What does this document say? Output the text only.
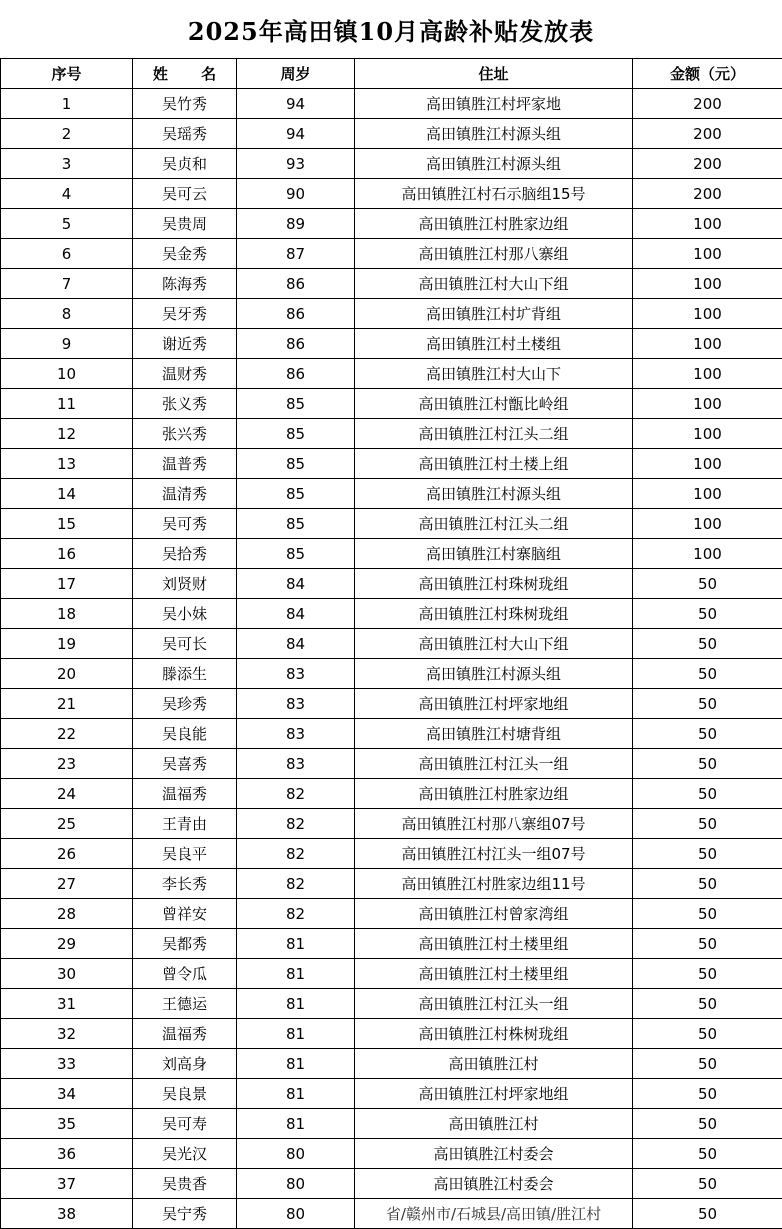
2025年高田镇10月高龄补贴发放表
序号	姓 名	周岁	住址	金额（元）
1	吴竹秀	94	高田镇胜江村坪家地	200
2	吴瑶秀	94	高田镇胜江村源头组	200
3	吴贞和	93	高田镇胜江村源头组	200
4	吴可云	90	高田镇胜江村石示脑组15号	200
5	吴贵周	89	高田镇胜江村胜家边组	100
6	吴金秀	87	高田镇胜江村那八寨组	100
7	陈海秀	86	高田镇胜江村大山下组	100
8	吴牙秀	86	高田镇胜江村圹背组	100
9	谢近秀	86	高田镇胜江村土楼组	100
10	温财秀	86	高田镇胜江村大山下	100
11	张义秀	85	高田镇胜江村甑比岭组	100
12	张兴秀	85	高田镇胜江村江头二组	100
13	温普秀	85	高田镇胜江村土楼上组	100
14	温清秀	85	高田镇胜江村源头组	100
15	吴可秀	85	高田镇胜江村江头二组	100
16	吴拾秀	85	高田镇胜江村寨脑组	100
17	刘贤财	84	高田镇胜江村珠树珑组	50
18	吴小妹	84	高田镇胜江村珠树珑组	50
19	吴可长	84	高田镇胜江村大山下组	50
20	滕添生	83	高田镇胜江村源头组	50
21	吴珍秀	83	高田镇胜江村坪家地组	50
22	吴良能	83	高田镇胜江村塘背组	50
23	吴喜秀	83	高田镇胜江村江头一组	50
24	温福秀	82	高田镇胜江村胜家边组	50
25	王青由	82	高田镇胜江村那八寨组07号	50
26	吴良平	82	高田镇胜江村江头一组07号	50
27	李长秀	82	高田镇胜江村胜家边组11号	50
28	曾祥安	82	高田镇胜江村曾家湾组	50
29	吴都秀	81	高田镇胜江村土楼里组	50
30	曾令瓜	81	高田镇胜江村土楼里组	50
31	王德运	81	高田镇胜江村江头一组	50
32	温福秀	81	高田镇胜江村株树珑组	50
33	刘高身	81	高田镇胜江村	50
34	吴良景	81	高田镇胜江村坪家地组	50
35	吴可寿	81	高田镇胜江村	50
36	吴光汉	80	高田镇胜江村委会	50
37	吴贵香	80	高田镇胜江村委会	50
38	吴宁秀	80	省/赣州市/石城县/高田镇/胜江村	50
